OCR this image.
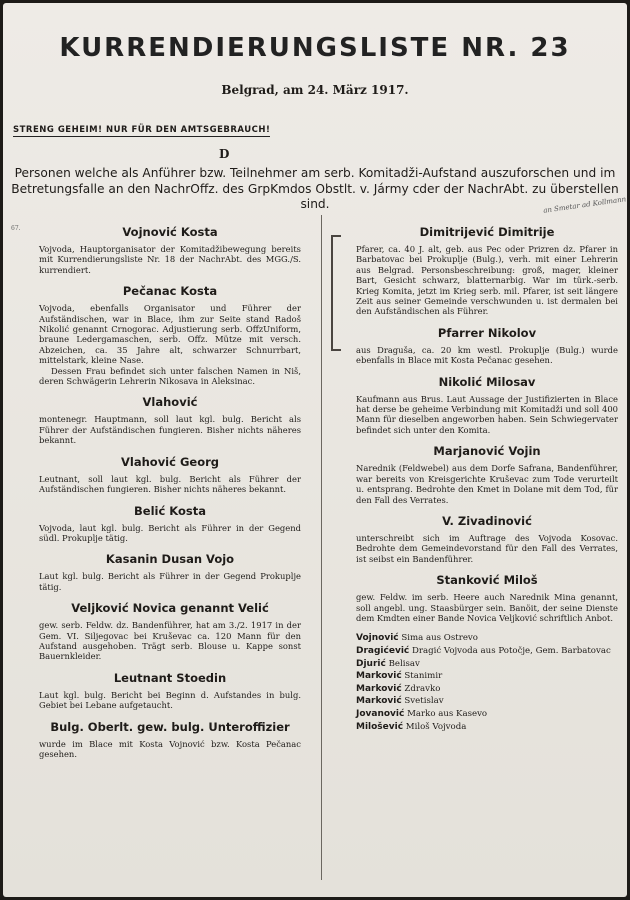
KURRENDIERUNGSLISTE NR. 23
Belgrad, am 24. März 1917.
STRENG GEHEIM! NUR FÜR DEN AMTSGEBRAUCH!
D
Personen welche als Anführer bzw. Teilnehmer am serb. Komitadži-Aufstand auszuforschen und im Betretungsfalle an den NachrOffz. des GrpKmdos Obstlt. v. Jármy cder der NachrAbt. zu überstellen sind.
67.
an Smetar ad Kollmann
Vojnović Kosta
Vojvoda, Hauptorganisator der Komitadžibewegung bereits mit Kurrendierungsliste Nr. 18 der NachrAbt. des MGG./S. kurrendiert.
Pečanac Kosta
Vojvoda, ebenfalls Organisator und Führer der Aufständischen, war in Blace, ihm zur Seite stand Radoš Nikolić genannt Crnogorac. Adjustierung serb. OffzUniform, braune Ledergamaschen, serb. Offz. Mütze mit versch. Abzeichen, ca. 35 Jahre alt, schwarzer Schnurrbart, mittelstark, kleine Nase.
Dessen Frau befindet sich unter falschen Namen in Niš, deren Schwägerin Lehrerin Nikosava in Aleksinac.
Vlahović
montenegr. Hauptmann, soll laut kgl. bulg. Bericht als Führer der Aufständischen fungieren. Bisher nichts näheres bekannt.
Vlahović Georg
Leutnant, soll laut kgl. bulg. Bericht als Führer der Aufständischen fungieren. Bisher nichts näheres bekannt.
Belić Kosta
Vojvoda, laut kgl. bulg. Bericht als Führer in der Gegend südl. Prokuplje tätig.
Kasanin Dusan Vojo
Laut kgl. bulg. Bericht als Führer in der Gegend Prokuplje tätig.
Veljković Novica genannt Velić
gew. serb. Feldw. dz. Bandenführer, hat am 3./2. 1917 in der Gem. VI. Siljegovac bei Kruševac ca. 120 Mann für den Aufstand ausgehoben. Trägt serb. Blouse u. Kappe sonst Bauernkleider.
Leutnant Stoedin
Laut kgl. bulg. Bericht bei Beginn d. Aufstandes in bulg. Gebiet bei Lebane aufgetaucht.
Bulg. Oberlt. gew. bulg. Unteroffizier
wurde im Blace mit Kosta Vojnović bzw. Kosta Pečanac gesehen.
Dimitrijević Dimitrije
Pfarer, ca. 40 J. alt, geb. aus Pec oder Prizren dz. Pfarer in Barbatovac bei Prokuplje (Bulg.), verh. mit einer Lehrerin aus Belgrad. Personsbeschreibung: groß, mager, kleiner Bart, Gesicht schwarz, blatternarbig. War im türk.-serb. Krieg Komita, jetzt im Krieg serb. mil. Pfarer, ist seit längere Zeit aus seiner Gemeinde verschwunden u. ist dermalen bei den Aufständischen als Führer.
Pfarrer Nikolov
aus Draguša, ca. 20 km westl. Prokuplje (Bulg.) wurde ebenfalls in Blace mit Kosta Pečanac gesehen.
Nikolić Milosav
Kaufmann aus Brus. Laut Aussage der Justifizierten in Blace hat derse be geheime Verbindung mit Komitadži und soll 400 Mann für dieselben angeworben haben. Sein Schwiegervater befindet sich unter den Komita.
Marjanović Vojin
Narednik (Feldwebel) aus dem Dorfe Safrana, Bandenführer, war bereits von Kreisgerichte Kruševac zum Tode verurteilt u. entsprang. Bedrohte den Kmet in Dolane mit dem Tod, für den Fall des Verrates.
V. Zivadinović
unterschreibt sich im Auftrage des Vojvoda Kosovac. Bedrohte dem Gemeindevorstand für den Fall des Verrates, ist seibst ein Bandenführer.
Stanković Miloš
gew. Feldw. im serb. Heere auch Narednik Mina genannt, soll angebl. ung. Staasbürger sein. Banöit, der seine Dienste dem Kmdten einer Bande Novica Veljković schriftlich Anbot.
Vojnović Sima aus Ostrevo
Dragićević Dragić Vojvoda aus Potočje, Gem. Barbatovac
Djurić Belisav
Marković Stanimir
Marković Zdravko
Marković Svetislav
Jovanović Marko aus Kasevo
Milošević Miloš Vojvoda
